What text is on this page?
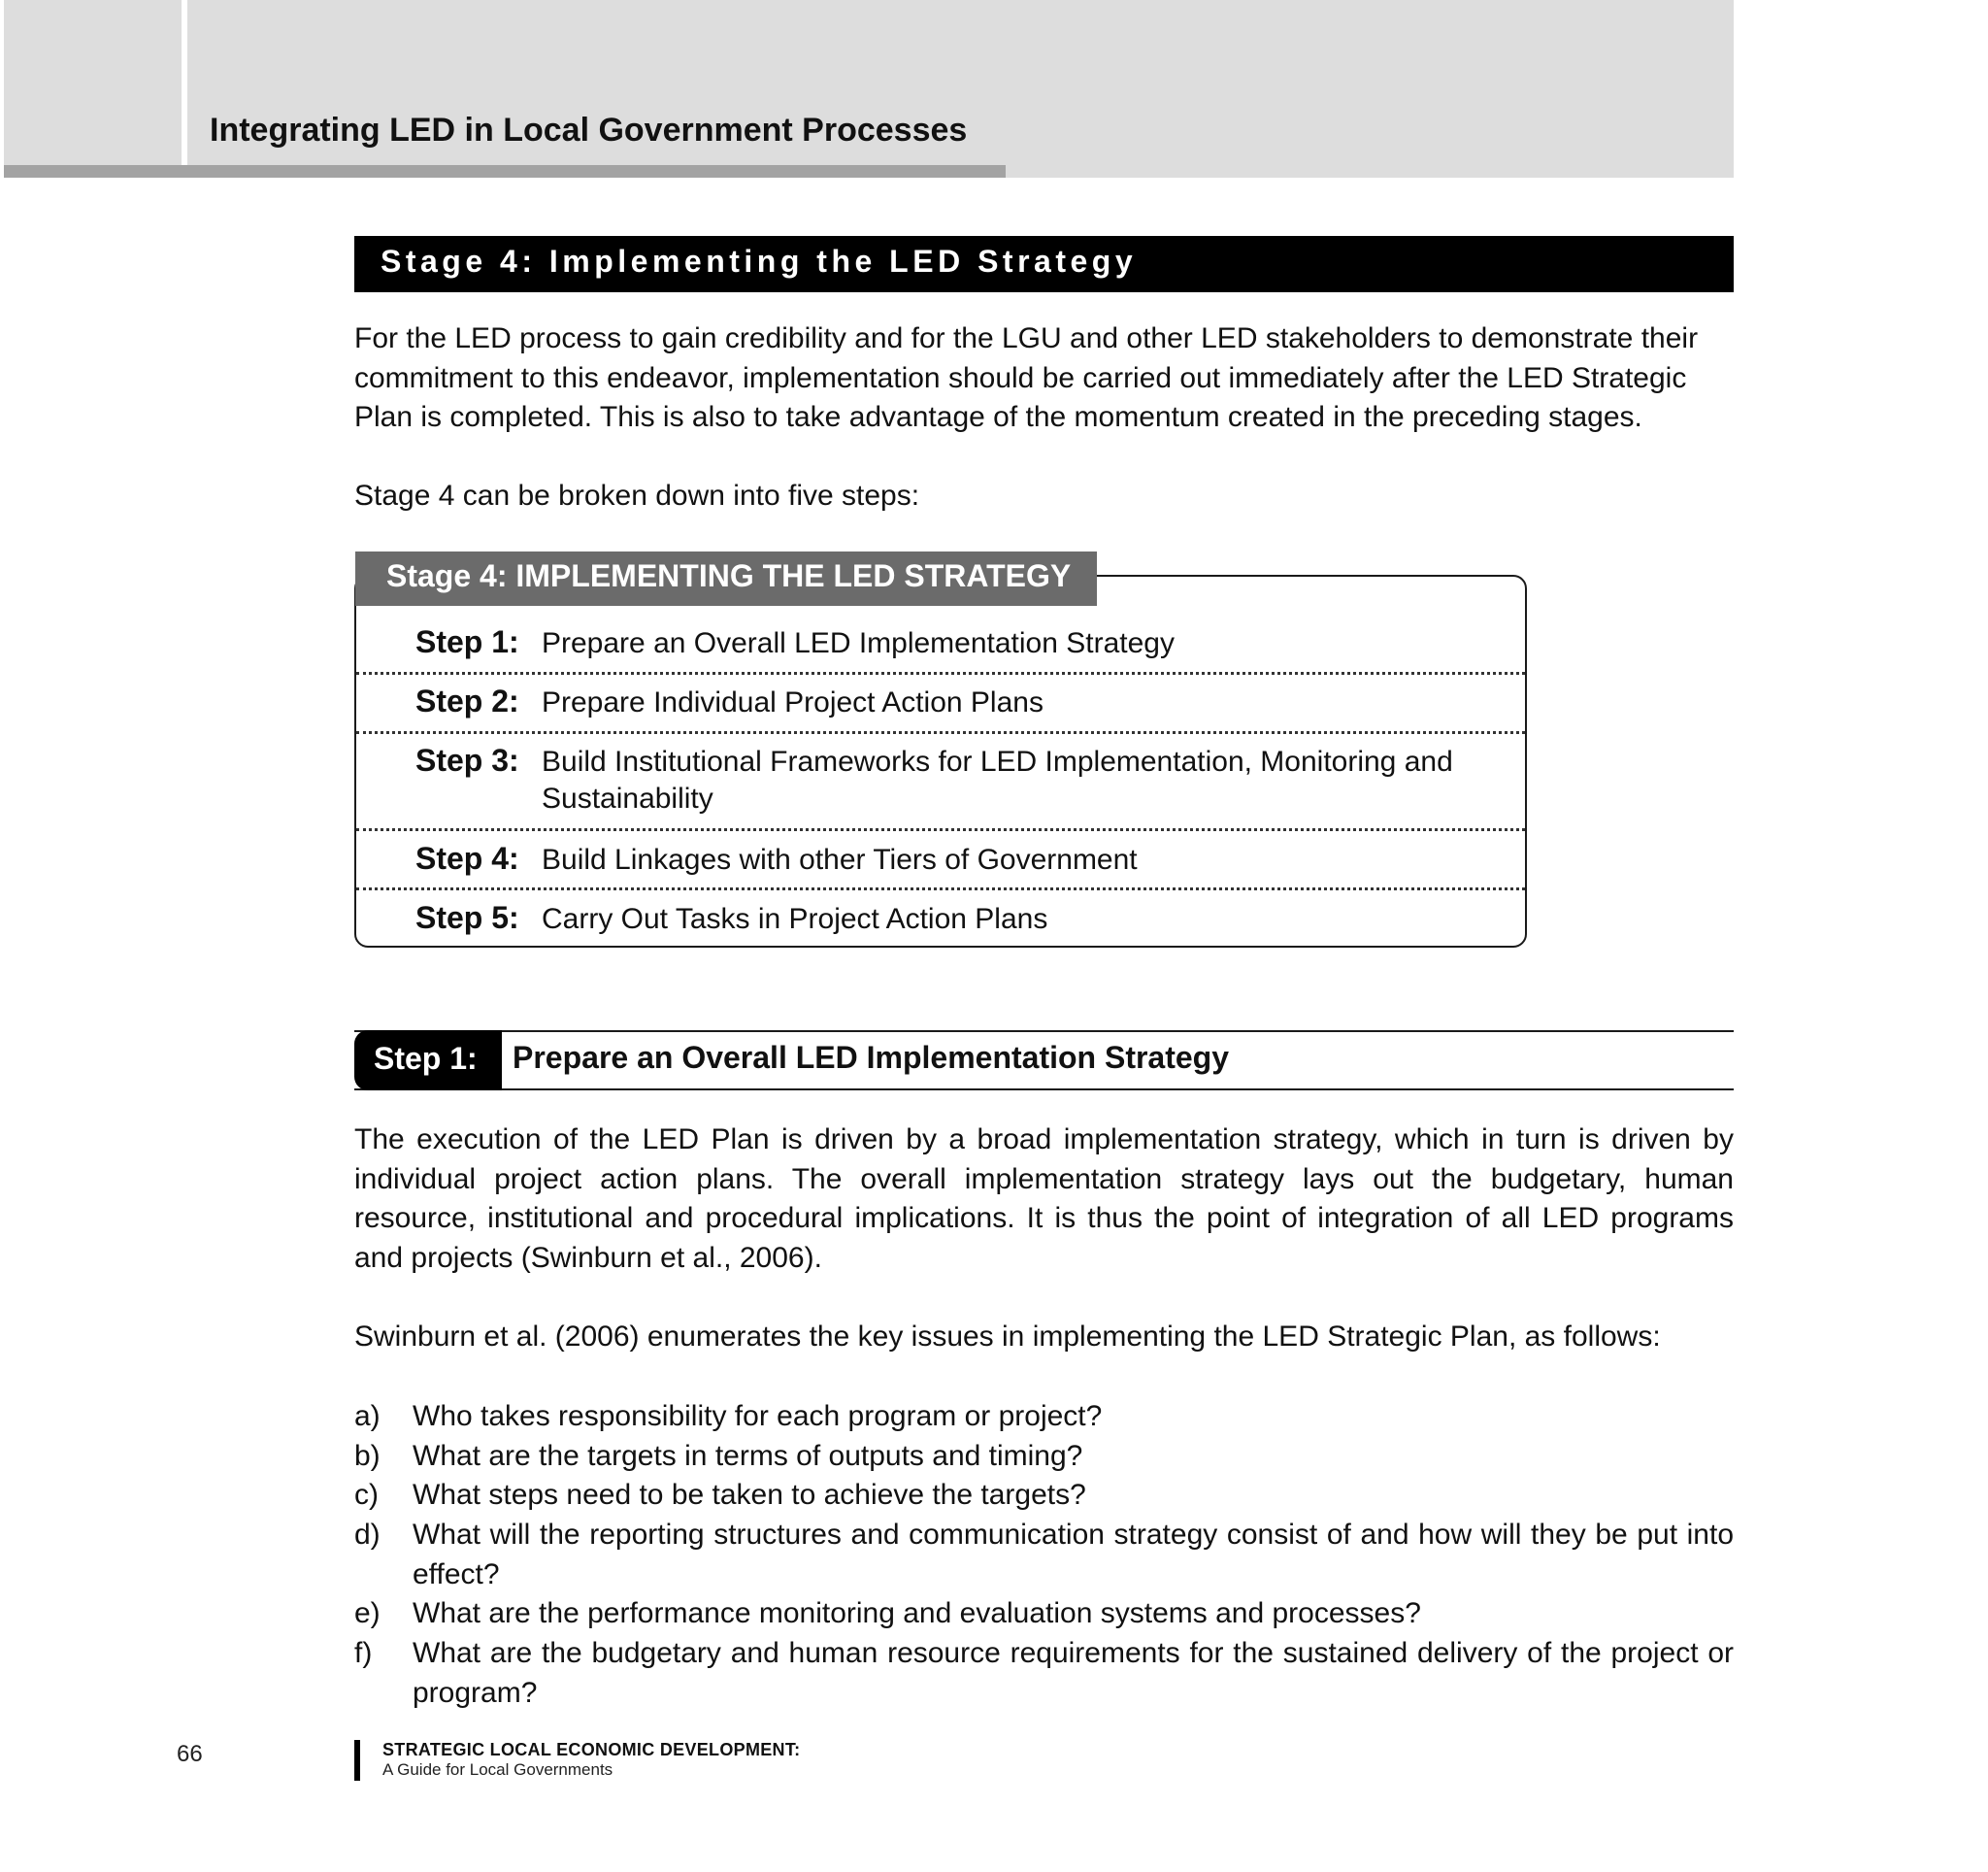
Integrating LED in Local Government Processes
Stage 4: Implementing the LED Strategy

For the LED process to gain credibility and for the LGU and other LED stakeholders to demonstrate their commitment to this endeavor, implementation should be carried out immediately after the LED Strategic Plan is completed. This is also to take advantage of the momentum created in the preceding stages.

Stage 4 can be broken down into five steps:

Stage 4: IMPLEMENTING THE LED STRATEGY
Step 1: Prepare an Overall LED Implementation Strategy
Step 2: Prepare Individual Project Action Plans
Step 3: Build Institutional Frameworks for LED Implementation, Monitoring and
Sustainability
Step 4: Build Linkages with other Tiers of Government
Step 5: Carry Out Tasks in Project Action Plans
Step 1: Prepare an Overall LED Implementation Strategy

The execution of the LED Plan is driven by a broad implementation strategy, which in turn is driven by individual project action plans. The overall implementation strategy lays out the budgetary, human resource, institutional and procedural implications. It is thus the point of integration of all LED programs and projects (Swinburn et al., 2006).

Swinburn et al. (2006) enumerates the key issues in implementing the LED Strategic Plan, as follows:

a) Who takes responsibility for each program or project?

b) What are the targets in terms of outputs and timing?

c) What steps need to be taken to achieve the targets?

d) What will the reporting structures and communication strategy consist of and how will they be put into effect?

e) What are the performance monitoring and evaluation systems and processes?

f) What are the budgetary and human resource requirements for the sustained delivery of the project or program?

66	STRATEGIC LOCAL ECONOMIC DEVELOPMENT:
A Guide for Local Governments
